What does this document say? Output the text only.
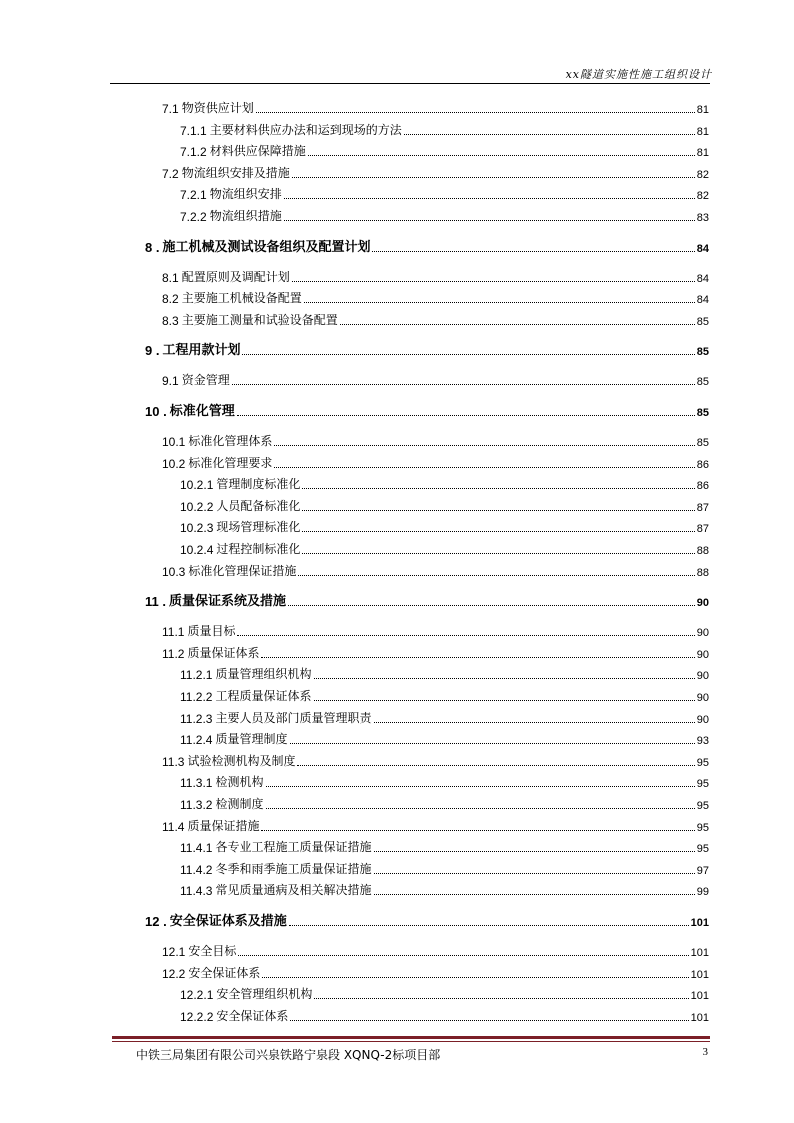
xx隧道实施性施工组织设计
7.1 物资供应计划	81
7.1.1 主要材料供应办法和运到现场的方法	81
7.1.2 材料供应保障措施	81
7.2 物流组织安排及措施	82
7.2.1 物流组织安排	82
7.2.2 物流组织措施	83
8 . 施工机械及测试设备组织及配置计划	84
8.1 配置原则及调配计划	84
8.2 主要施工机械设备配置	84
8.3 主要施工测量和试验设备配置	85
9 . 工程用款计划	85
9.1 资金管理	85
10 . 标准化管理	85
10.1 标准化管理体系	85
10.2 标准化管理要求	86
10.2.1 管理制度标准化	86
10.2.2 人员配备标准化	87
10.2.3 现场管理标准化	87
10.2.4 过程控制标准化	88
10.3 标准化管理保证措施	88
11 . 质量保证系统及措施	90
11.1 质量目标	90
11.2 质量保证体系	90
11.2.1 质量管理组织机构	90
11.2.2 工程质量保证体系	90
11.2.3 主要人员及部门质量管理职责	90
11.2.4 质量管理制度	93
11.3 试验检测机构及制度	95
11.3.1 检测机构	95
11.3.2 检测制度	95
11.4 质量保证措施	95
11.4.1 各专业工程施工质量保证措施	95
11.4.2 冬季和雨季施工质量保证措施	97
11.4.3 常见质量通病及相关解决措施	99
12 . 安全保证体系及措施	101
12.1 安全目标	101
12.2 安全保证体系	101
12.2.1 安全管理组织机构	101
12.2.2 安全保证体系	101
中铁三局集团有限公司兴泉铁路宁泉段 XQNQ-2标项目部	3
